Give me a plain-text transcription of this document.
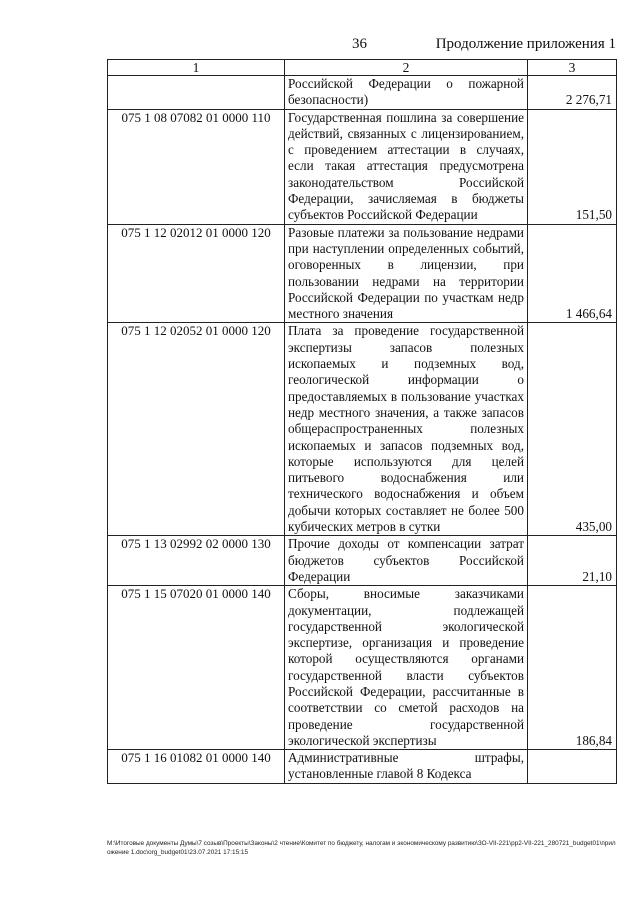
36	Продолжение приложения 1
1	2	3
	Российской Федерации о пожарной безопасности)	2 276,71
075 1 08 07082 01 0000 110	Государственная пошлина за совершение действий, связанных с лицензированием, с проведением аттестации в случаях, если такая аттестация предусмотрена законодательством Российской Федерации, зачисляемая в бюджеты субъектов Российской Федерации	151,50
075 1 12 02012 01 0000 120	Разовые платежи за пользование недрами при наступлении определенных событий, оговоренных в лицензии, при пользовании недрами на территории Российской Федерации по участкам недр местного значения	1 466,64
075 1 12 02052 01 0000 120	Плата за проведение государственной экспертизы запасов полезных ископаемых и подземных вод, геологической информации о предоставляемых в пользование участках недр местного значения, а также запасов общераспространенных полезных ископаемых и запасов подземных вод, которые используются для целей питьевого водоснабжения или технического водоснабжения и объем добычи которых составляет не более 500 кубических метров в сутки	435,00
075 1 13 02992 02 0000 130	Прочие доходы от компенсации затрат бюджетов субъектов Российской Федерации	21,10
075 1 15 07020 01 0000 140	Сборы, вносимые заказчиками документации, подлежащей государственной экологической экспертизе, организация и проведение которой осуществляются органами государственной власти субъектов Российской Федерации, рассчитанные в соответствии со сметой расходов на проведение государственной экологической экспертизы	186,84
075 1 16 01082 01 0000 140	Административные штрафы, установленные главой 8 Кодекса	
M:\Итоговые документы Думы\7 созыв\Проекты\Законы\2 чтение\Комитет по бюджету, налогам и экономическому развитию\ЗО-VII-221\рр2-VII-221_280721_budget01\приложение 1.doc\org_budget01\23.07.2021 17:15:15
